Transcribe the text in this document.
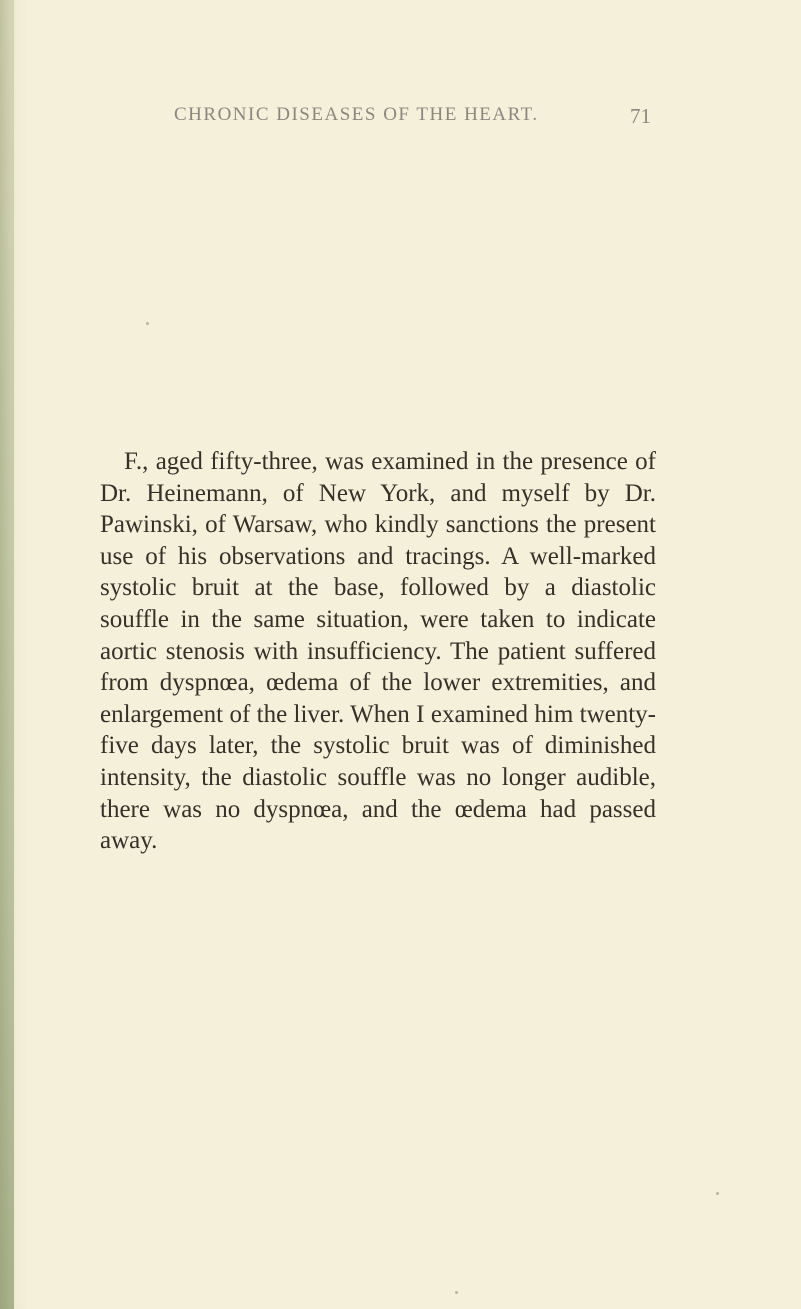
CHRONIC DISEASES OF THE HEART.	71

F., aged fifty-three, was examined in the presence of Dr. Heinemann, of New York, and myself by Dr. Pawinski, of Warsaw, who kindly sanctions the present use of his observations and tracings. A well-marked systolic bruit at the base, followed by a diastolic souffle in the same situation, were taken to indicate aortic stenosis with insufficiency. The patient suffered from dyspnœa, œdema of the lower extremities, and enlargement of the liver. When I examined him twenty-five days later, the systolic bruit was of diminished intensity, the diastolic souffle was no longer audible, there was no dyspnœa, and the œdema had passed away.
